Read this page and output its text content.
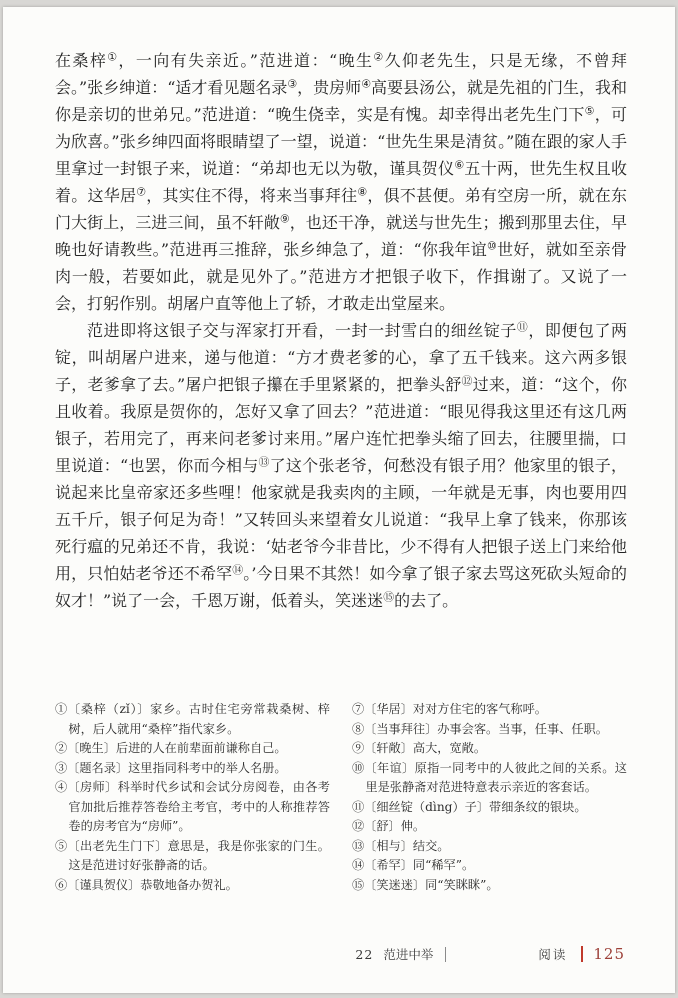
在桑梓①，一向有失亲近。”范进道：“晚生②久仰老先生，只是无缘，不曾拜会。”张乡绅道：“适才看见题名录③，贵房师④高要县汤公，就是先祖的门生，我和你是亲切的世弟兄。”范进道：“晚生侥幸，实是有愧。却幸得出老先生门下⑤，可为欣喜。”张乡绅四面将眼睛望了一望，说道：“世先生果是清贫。”随在跟的家人手里拿过一封银子来，说道：“弟却也无以为敬，谨具贺仪⑥五十两，世先生权且收着。这华居⑦，其实住不得，将来当事拜往⑧，俱不甚便。弟有空房一所，就在东门大街上，三进三间，虽不轩敞⑨，也还干净，就送与世先生；搬到那里去住，早晚也好请教些。”范进再三推辞，张乡绅急了，道：“你我年谊⑩世好，就如至亲骨肉一般，若要如此，就是见外了。”范进方才把银子收下，作揖谢了。又说了一会，打躬作别。胡屠户直等他上了轿，才敢走出堂屋来。

范进即将这银子交与浑家打开看，一封一封雪白的细丝锭子⑪，即便包了两锭，叫胡屠户进来，递与他道：“方才费老爹的心，拿了五千钱来。这六两多银子，老爹拿了去。”屠户把银子攥在手里紧紧的，把拳头舒⑫过来，道：“这个，你且收着。我原是贺你的，怎好又拿了回去？”范进道：“眼见得我这里还有这几两银子，若用完了，再来问老爹讨来用。”屠户连忙把拳头缩了回去，往腰里揣，口里说道：“也罢，你而今相与⑬了这个张老爷，何愁没有银子用？他家里的银子，说起来比皇帝家还多些哩！他家就是我卖肉的主顾，一年就是无事，肉也要用四五千斤，银子何足为奇！”又转回头来望着女儿说道：“我早上拿了钱来，你那该死行瘟的兄弟还不肯，我说：‘姑老爷今非昔比，少不得有人把银子送上门来给他用，只怕姑老爷还不希罕⑭。’今日果不其然！如今拿了银子家去骂这死砍头短命的奴才！”说了一会，千恩万谢，低着头，笑迷迷⑮的去了。

①〔桑梓（zǐ）〕家乡。古时住宅旁常栽桑树、梓树，后人就用“桑梓”指代家乡。

②〔晚生〕后进的人在前辈面前谦称自己。

③〔题名录〕这里指同科考中的举人名册。

④〔房师〕科举时代乡试和会试分房阅卷，由各考官加批后推荐答卷给主考官，考中的人称推荐答卷的房考官为“房师”。

⑤〔出老先生门下〕意思是，我是你张家的门生。这是范进讨好张静斋的话。

⑥〔谨具贺仪〕恭敬地备办贺礼。

⑦〔华居〕对对方住宅的客气称呼。

⑧〔当事拜往〕办事会客。当事，任事、任职。

⑨〔轩敞〕高大，宽敞。

⑩〔年谊〕原指一同考中的人彼此之间的关系。这里是张静斋对范进特意表示亲近的客套话。

⑪〔细丝锭（dìng）子〕带细条纹的银块。

⑫〔舒〕伸。

⑬〔相与〕结交。

⑭〔希罕〕同“稀罕”。

⑮〔笑迷迷〕同“笑眯眯”。

22 范进中举	阅读 125
